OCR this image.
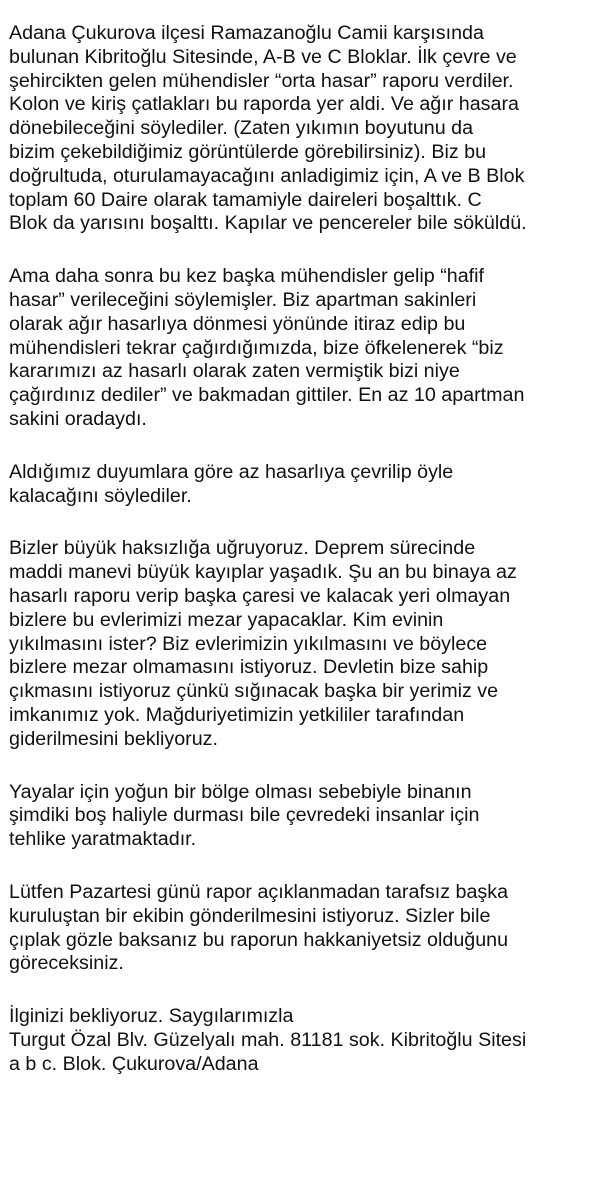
Adana Çukurova ilçesi Ramazanoğlu Camii karşısında
bulunan Kibritoğlu Sitesinde, A-B ve C Bloklar. İlk çevre ve
şehircikten gelen mühendisler “orta hasar” raporu verdiler.
Kolon ve kiriş çatlakları bu raporda yer aldi. Ve ağır hasara
dönebileceğini söylediler. (Zaten yıkımın boyutunu da
bizim çekebildiğimiz görüntülerde görebilirsiniz). Biz bu
doğrultuda, oturulamayacağını anladigimiz için, A ve B Blok
toplam 60 Daire olarak tamamiyle daireleri boşalttık. C
Blok da yarısını boşalttı. Kapılar ve pencereler bile söküldü.

Ama daha sonra bu kez başka mühendisler gelip “hafif
hasar” verileceğini söylemişler. Biz apartman sakinleri
olarak ağır hasarlıya dönmesi yönünde itiraz edip bu
mühendisleri tekrar çağırdığımızda, bize öfkelenerek “biz
kararımızı az hasarlı olarak zaten vermiştik bizi niye
çağırdınız dediler” ve bakmadan gittiler. En az 10 apartman
sakini oradaydı.

Aldığımız duyumlara göre az hasarlıya çevrilip öyle
kalacağını söylediler.

Bizler büyük haksızlığa uğruyoruz. Deprem sürecinde
maddi manevi büyük kayıplar yaşadık. Şu an bu binaya az
hasarlı raporu verip başka çaresi ve kalacak yeri olmayan
bizlere bu evlerimizi mezar yapacaklar. Kim evinin
yıkılmasını ister? Biz evlerimizin yıkılmasını ve böylece
bizlere mezar olmamasını istiyoruz. Devletin bize sahip
çıkmasını istiyoruz çünkü sığınacak başka bir yerimiz ve
imkanımız yok. Mağduriyetimizin yetkililer tarafından
giderilmesini bekliyoruz.

Yayalar için yoğun bir bölge olması sebebiyle binanın
şimdiki boş haliyle durması bile çevredeki insanlar için
tehlike yaratmaktadır.

Lütfen Pazartesi günü rapor açıklanmadan tarafsız başka
kuruluştan bir ekibin gönderilmesini istiyoruz. Sizler bile
çıplak gözle baksanız bu raporun hakkaniyetsiz olduğunu
göreceksiniz.

İlginizi bekliyoruz. Saygılarımızla
Turgut Özal Blv. Güzelyalı mah. 81181 sok. Kibritoğlu Sitesi
a b c. Blok. Çukurova/Adana
